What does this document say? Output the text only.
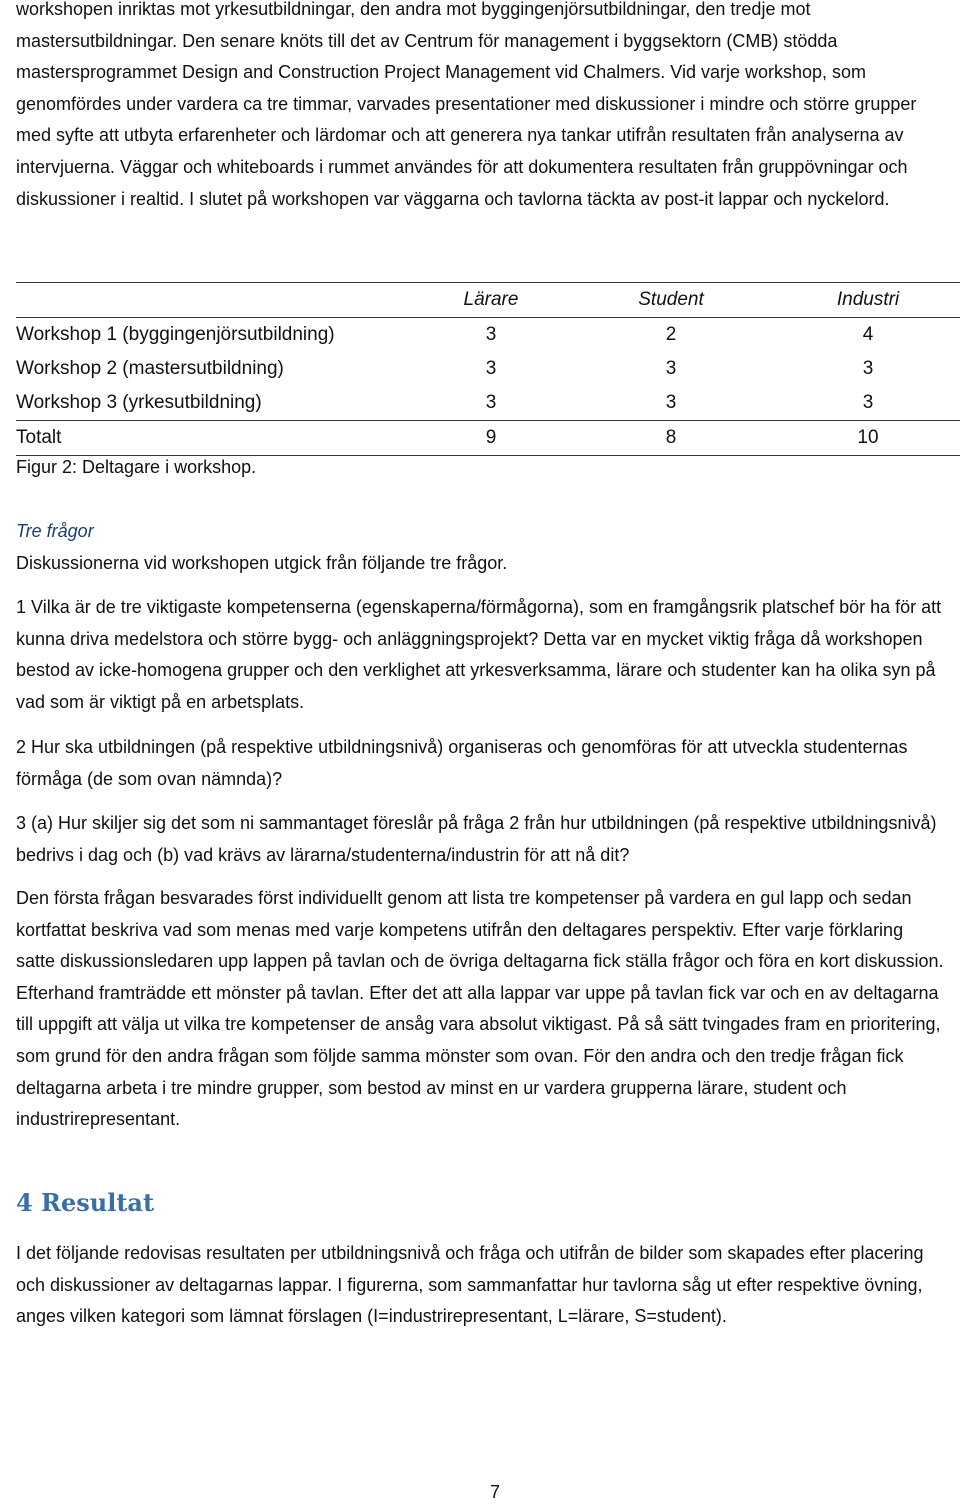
workshopen inriktas mot yrkesutbildningar, den andra mot byggingenjörsutbildningar, den tredje mot mastersutbildningar. Den senare knöts till det av Centrum för management i byggsektorn (CMB) stödda mastersprogrammet Design and Construction Project Management vid Chalmers. Vid varje workshop, som genomfördes under vardera ca tre timmar, varvades presentationer med diskussioner i mindre och större grupper med syfte att utbyta erfarenheter och lärdomar och att generera nya tankar utifrån resultaten från analyserna av intervjuerna. Väggar och whiteboards i rummet användes för att dokumentera resultaten från gruppövningar och diskussioner i realtid. I slutet på workshopen var väggarna och tavlorna täckta av post-it lappar och nyckelord.

	Lärare	Student	Industri
Workshop 1 (byggingenjörsutbildning)	3	2	4
Workshop 2 (mastersutbildning)	3	3	3
Workshop 3 (yrkesutbildning)	3	3	3
Totalt	9	8	10
Figur 2: Deltagare i workshop.
Tre frågor

Diskussionerna vid workshopen utgick från följande tre frågor.

1 Vilka är de tre viktigaste kompetenserna (egenskaperna/förmågorna), som en framgångsrik platschef bör ha för att kunna driva medelstora och större bygg- och anläggningsprojekt? Detta var en mycket viktig fråga då workshopen bestod av icke-homogena grupper och den verklighet att yrkesverksamma, lärare och studenter kan ha olika syn på vad som är viktigt på en arbetsplats.

2 Hur ska utbildningen (på respektive utbildningsnivå) organiseras och genomföras för att utveckla studenternas förmåga (de som ovan nämnda)?

3 (a) Hur skiljer sig det som ni sammantaget föreslår på fråga 2 från hur utbildningen (på respektive utbildningsnivå) bedrivs i dag och (b) vad krävs av lärarna/studenterna/industrin för att nå dit?

Den första frågan besvarades först individuellt genom att lista tre kompetenser på vardera en gul lapp och sedan kortfattat beskriva vad som menas med varje kompetens utifrån den deltagares perspektiv. Efter varje förklaring satte diskussionsledaren upp lappen på tavlan och de övriga deltagarna fick ställa frågor och föra en kort diskussion. Efterhand framträdde ett mönster på tavlan. Efter det att alla lappar var uppe på tavlan fick var och en av deltagarna till uppgift att välja ut vilka tre kompetenser de ansåg vara absolut viktigast. På så sätt tvingades fram en prioritering, som grund för den andra frågan som följde samma mönster som ovan. För den andra och den tredje frågan fick deltagarna arbeta i tre mindre grupper, som bestod av minst en ur vardera grupperna lärare, student och industrirepresentant.

4 Resultat

I det följande redovisas resultaten per utbildningsnivå och fråga och utifrån de bilder som skapades efter placering och diskussioner av deltagarnas lappar. I figurerna, som sammanfattar hur tavlorna såg ut efter respektive övning, anges vilken kategori som lämnat förslagen (I=industrirepresentant, L=lärare, S=student).

7
